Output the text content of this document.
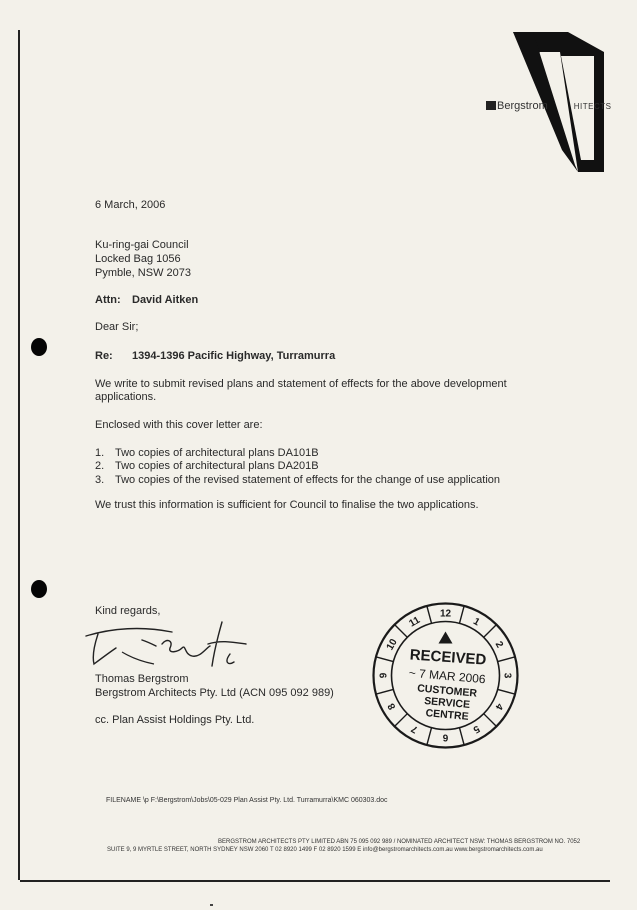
Bergstrom	HITECTS
6 March, 2006
Ku-ring-gai Council
Locked Bag 1056
Pymble, NSW 2073
Attn: David Aitken
Dear Sir;
Re: 1394-1396 Pacific Highway, Turramurra
We write to submit revised plans and statement of effects for the above development
applications.
Enclosed with this cover letter are:
1. Two copies of architectural plans DA101B
2. Two copies of architectural plans DA201B
3. Two copies of the revised statement of effects for the change of use application
We trust this information is sufficient for Council to finalise the two applications.
Kind regards,
Thomas Bergstrom
Bergstrom Architects Pty. Ltd (ACN 095 092 989)
cc. Plan Assist Holdings Pty. Ltd.
12
1
2
3
4
5
6
7
8
9
10
11
RECEIVED
~ 7 MAR 2006
CUSTOMER
SERVICE
CENTRE
FILENAME \p F:\Bergstrom\Jobs\05-029 Plan Assist Pty. Ltd. Turramurra\KMC 060303.doc
BERGSTROM ARCHITECTS PTY LIMITED ABN 75 095 092 989 / NOMINATED ARCHITECT NSW: THOMAS BERGSTROM NO. 7052
SUITE 9, 9 MYRTLE STREET, NORTH SYDNEY NSW 2060 T 02 8920 1499 F 02 8920 1599 E info@bergstromarchitects.com.au www.bergstromarchitects.com.au
